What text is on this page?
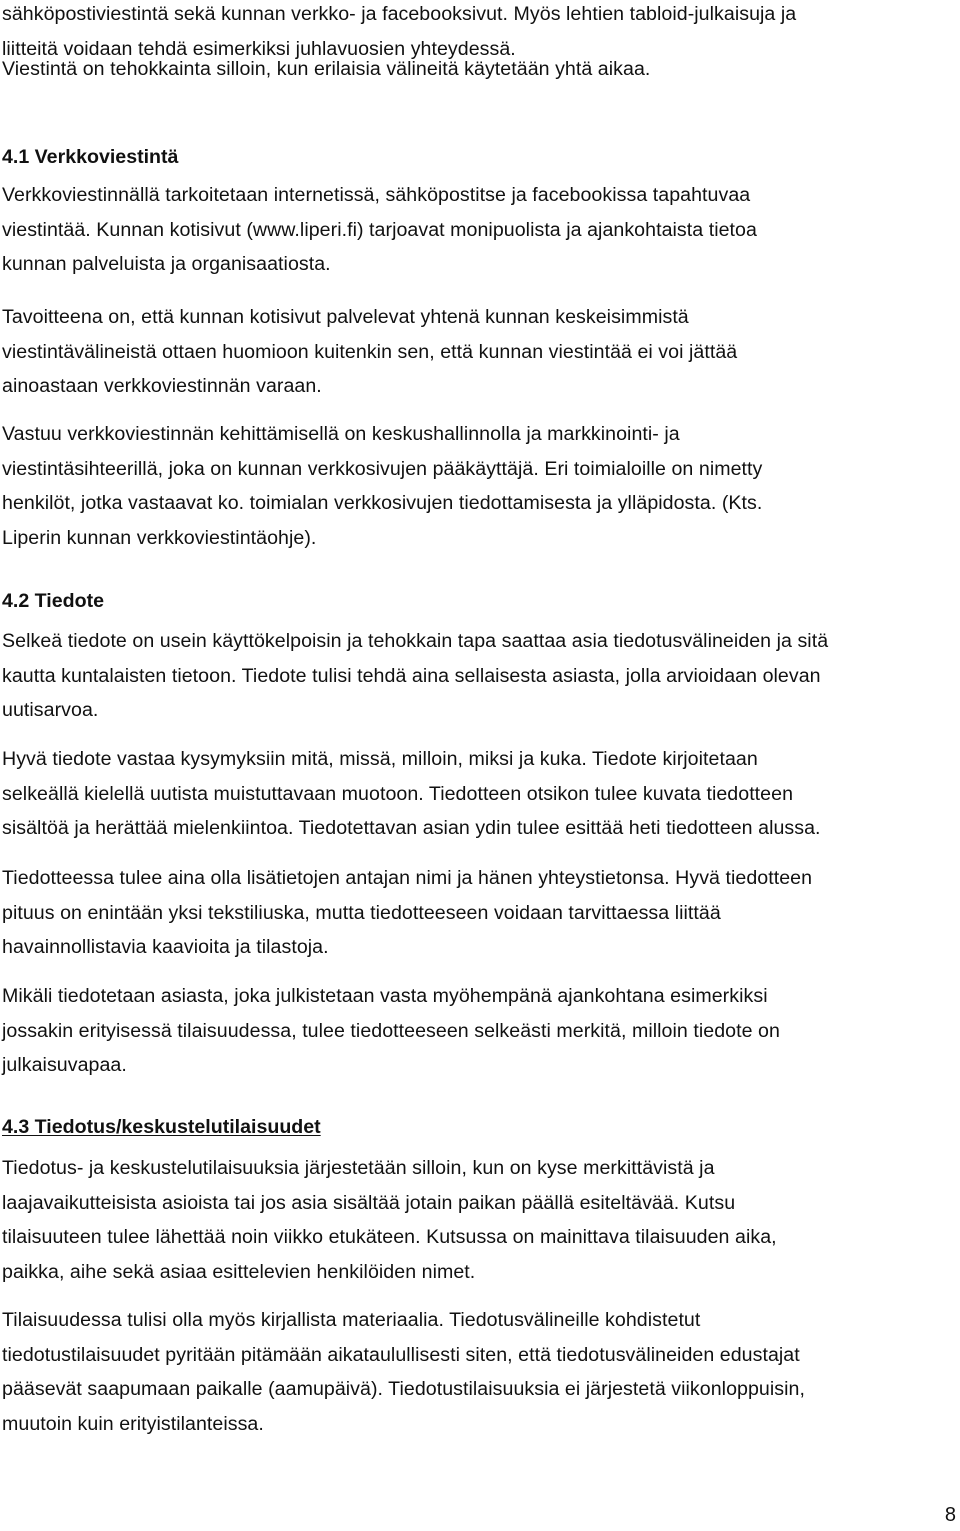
sähköpostiviestintä sekä kunnan verkko- ja facebooksivut. Myös lehtien tabloid-julkaisuja ja
liitteitä voidaan tehdä esimerkiksi juhlavuosien yhteydessä.

Viestintä on tehokkainta silloin, kun erilaisia välineitä käytetään yhtä aikaa.

4.1 Verkkoviestintä

Verkkoviestinnällä tarkoitetaan internetissä, sähköpostitse ja facebookissa tapahtuvaa
viestintää. Kunnan kotisivut (www.liperi.fi) tarjoavat monipuolista ja ajankohtaista tietoa
kunnan palveluista ja organisaatiosta.

Tavoitteena on, että kunnan kotisivut palvelevat yhtenä kunnan keskeisimmistä
viestintävälineistä ottaen huomioon kuitenkin sen, että kunnan viestintää ei voi jättää
ainoastaan verkkoviestinnän varaan.

Vastuu verkkoviestinnän kehittämisellä on keskushallinnolla ja markkinointi- ja
viestintäsihteerillä, joka on kunnan verkkosivujen pääkäyttäjä. Eri toimialoille on nimetty
henkilöt, jotka vastaavat ko. toimialan verkkosivujen tiedottamisesta ja ylläpidosta. (Kts.
Liperin kunnan verkkoviestintäohje).

4.2 Tiedote

Selkeä tiedote on usein käyttökelpoisin ja tehokkain tapa saattaa asia tiedotusvälineiden ja sitä
kautta kuntalaisten tietoon. Tiedote tulisi tehdä aina sellaisesta asiasta, jolla arvioidaan olevan
uutisarvoa.

Hyvä tiedote vastaa kysymyksiin mitä, missä, milloin, miksi ja kuka. Tiedote kirjoitetaan
selkeällä kielellä uutista muistuttavaan muotoon. Tiedotteen otsikon tulee kuvata tiedotteen
sisältöä ja herättää mielenkiintoa. Tiedotettavan asian ydin tulee esittää heti tiedotteen alussa.

Tiedotteessa tulee aina olla lisätietojen antajan nimi ja hänen yhteystietonsa. Hyvä tiedotteen
pituus on enintään yksi tekstiliuska, mutta tiedotteeseen voidaan tarvittaessa liittää
havainnollistavia kaavioita ja tilastoja.

Mikäli tiedotetaan asiasta, joka julkistetaan vasta myöhempänä ajankohtana esimerkiksi
jossakin erityisessä tilaisuudessa, tulee tiedotteeseen selkeästi merkitä, milloin tiedote on
julkaisuvapaa.

4.3 Tiedotus/keskustelutilaisuudet

Tiedotus- ja keskustelutilaisuuksia järjestetään silloin, kun on kyse merkittävistä ja
laajavaikutteisista asioista tai jos asia sisältää jotain paikan päällä esiteltävää. Kutsu
tilaisuuteen tulee lähettää noin viikko etukäteen. Kutsussa on mainittava tilaisuuden aika,
paikka, aihe sekä asiaa esittelevien henkilöiden nimet.

Tilaisuudessa tulisi olla myös kirjallista materiaalia. Tiedotusvälineille kohdistetut
tiedotustilaisuudet pyritään pitämään aikataulullisesti siten, että tiedotusvälineiden edustajat
pääsevät saapumaan paikalle (aamupäivä). Tiedotustilaisuuksia ei järjestetä viikonloppuisin,
muutoin kuin erityistilanteissa.

8
